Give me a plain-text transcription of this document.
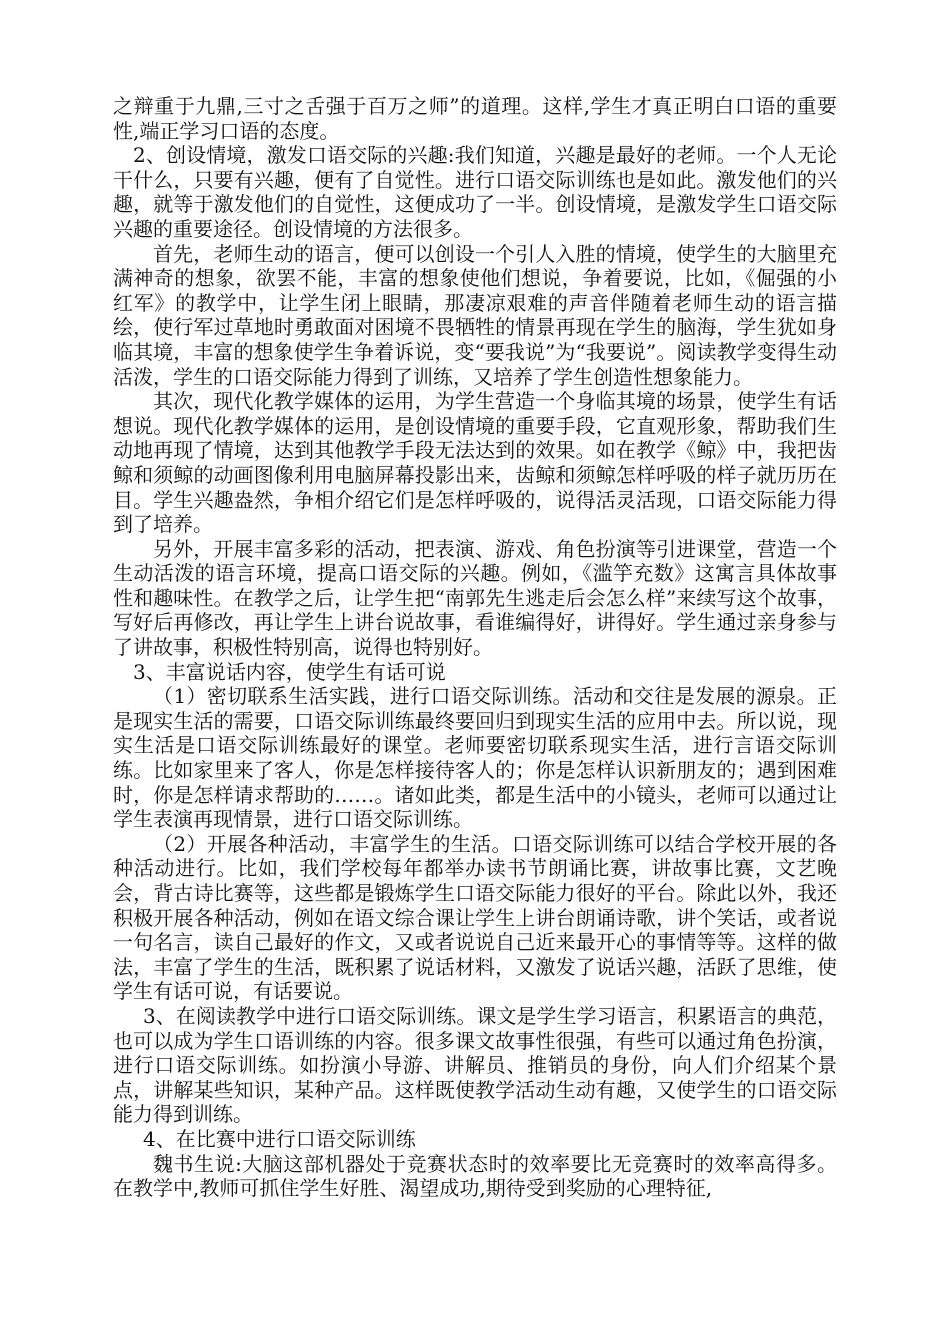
之辩重于九鼎,三寸之舌强于百万之师”的道理。这样,学生才真正明白口语的重要性,端正学习口语的态度。

2、创设情境，激发口语交际的兴趣:我们知道，兴趣是最好的老师。一个人无论干什么，只要有兴趣，便有了自觉性。进行口语交际训练也是如此。激发他们的兴趣，就等于激发他们的自觉性，这便成功了一半。创设情境，是激发学生口语交际兴趣的重要途径。创设情境的方法很多。

首先，老师生动的语言，便可以创设一个引人入胜的情境，使学生的大脑里充满神奇的想象，欲罢不能，丰富的想象使他们想说，争着要说，比如，《倔强的小红军》的教学中，让学生闭上眼睛，那凄凉艰难的声音伴随着老师生动的语言描绘，使行军过草地时勇敢面对困境不畏牺牲的情景再现在学生的脑海，学生犹如身临其境，丰富的想象使学生争着诉说，变“要我说”为“我要说”。阅读教学变得生动活泼，学生的口语交际能力得到了训练，又培养了学生创造性想象能力。

其次，现代化教学媒体的运用，为学生营造一个身临其境的场景，使学生有话想说。现代化教学媒体的运用，是创设情境的重要手段，它直观形象，帮助我们生动地再现了情境，达到其他教学手段无法达到的效果。如在教学《鲸》中，我把齿鲸和须鲸的动画图像利用电脑屏幕投影出来，齿鲸和须鲸怎样呼吸的样子就历历在目。学生兴趣盎然，争相介绍它们是怎样呼吸的，说得活灵活现，口语交际能力得到了培养。

另外，开展丰富多彩的活动，把表演、游戏、角色扮演等引进课堂，营造一个生动活泼的语言环境，提高口语交际的兴趣。例如，《滥竽充数》这寓言具体故事性和趣味性。在教学之后，让学生把“南郭先生逃走后会怎么样”来续写这个故事，写好后再修改，再让学生上讲台说故事，看谁编得好，讲得好。学生通过亲身参与了讲故事，积极性特别高，说得也特别好。

3、丰富说话内容，使学生有话可说

（1）密切联系生活实践，进行口语交际训练。活动和交往是发展的源泉。正是现实生活的需要，口语交际训练最终要回归到现实生活的应用中去。所以说，现实生活是口语交际训练最好的课堂。老师要密切联系现实生活，进行言语交际训练。比如家里来了客人，你是怎样接待客人的；你是怎样认识新朋友的；遇到困难时，你是怎样请求帮助的……。诸如此类，都是生活中的小镜头，老师可以通过让学生表演再现情景，进行口语交际训练。

（2）开展各种活动，丰富学生的生活。口语交际训练可以结合学校开展的各种活动进行。比如，我们学校每年都举办读书节朗诵比赛，讲故事比赛，文艺晚会，背古诗比赛等，这些都是锻炼学生口语交际能力很好的平台。除此以外，我还积极开展各种活动，例如在语文综合课让学生上讲台朗诵诗歌，讲个笑话，或者说一句名言，读自己最好的作文，又或者说说自己近来最开心的事情等等。这样的做法，丰富了学生的生活，既积累了说话材料，又激发了说话兴趣，活跃了思维，使学生有话可说，有话要说。

3、在阅读教学中进行口语交际训练。课文是学生学习语言，积累语言的典范，也可以成为学生口语训练的内容。很多课文故事性很强，有些可以通过角色扮演，进行口语交际训练。如扮演小导游、讲解员、推销员的身份，向人们介绍某个景点，讲解某些知识，某种产品。这样既使教学活动生动有趣，又使学生的口语交际能力得到训练。

4、在比赛中进行口语交际训练

魏书生说:大脑这部机器处于竞赛状态时的效率要比无竞赛时的效率高得多。在教学中,教师可抓住学生好胜、渴望成功,期待受到奖励的心理特征,
